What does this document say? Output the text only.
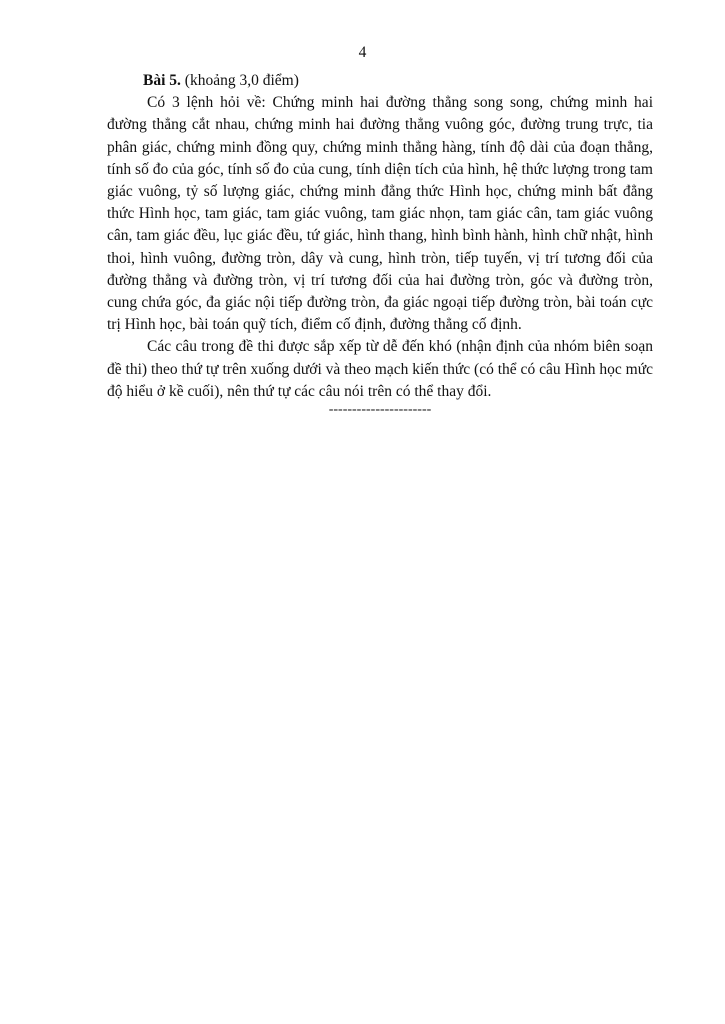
4

Bài 5. (khoảng 3,0 điểm)

Có 3 lệnh hỏi về: Chứng minh hai đường thẳng song song, chứng minh hai đường thẳng cắt nhau, chứng minh hai đường thẳng vuông góc, đường trung trực, tia phân giác, chứng minh đồng quy, chứng minh thẳng hàng, tính độ dài của đoạn thẳng, tính số đo của góc, tính số đo của cung, tính diện tích của hình, hệ thức lượng trong tam giác vuông, tỷ số lượng giác, chứng minh đẳng thức Hình học, chứng minh bất đẳng thức Hình học, tam giác, tam giác vuông, tam giác nhọn, tam giác cân, tam giác vuông cân, tam giác đều, lục giác đều, tứ giác, hình thang, hình bình hành, hình chữ nhật, hình thoi, hình vuông, đường tròn, dây và cung, hình tròn, tiếp tuyến, vị trí tương đối của đường thẳng và đường tròn, vị trí tương đối của hai đường tròn, góc và đường tròn, cung chứa góc, đa giác nội tiếp đường tròn, đa giác ngoại tiếp đường tròn, bài toán cực trị Hình học, bài toán quỹ tích, điểm cố định, đường thẳng cố định.

Các câu trong đề thi được sắp xếp từ dễ đến khó (nhận định của nhóm biên soạn đề thi) theo thứ tự trên xuống dưới và theo mạch kiến thức (có thể có câu Hình học mức độ hiểu ở kề cuối), nên thứ tự các câu nói trên có thể thay đổi.

----------------------
